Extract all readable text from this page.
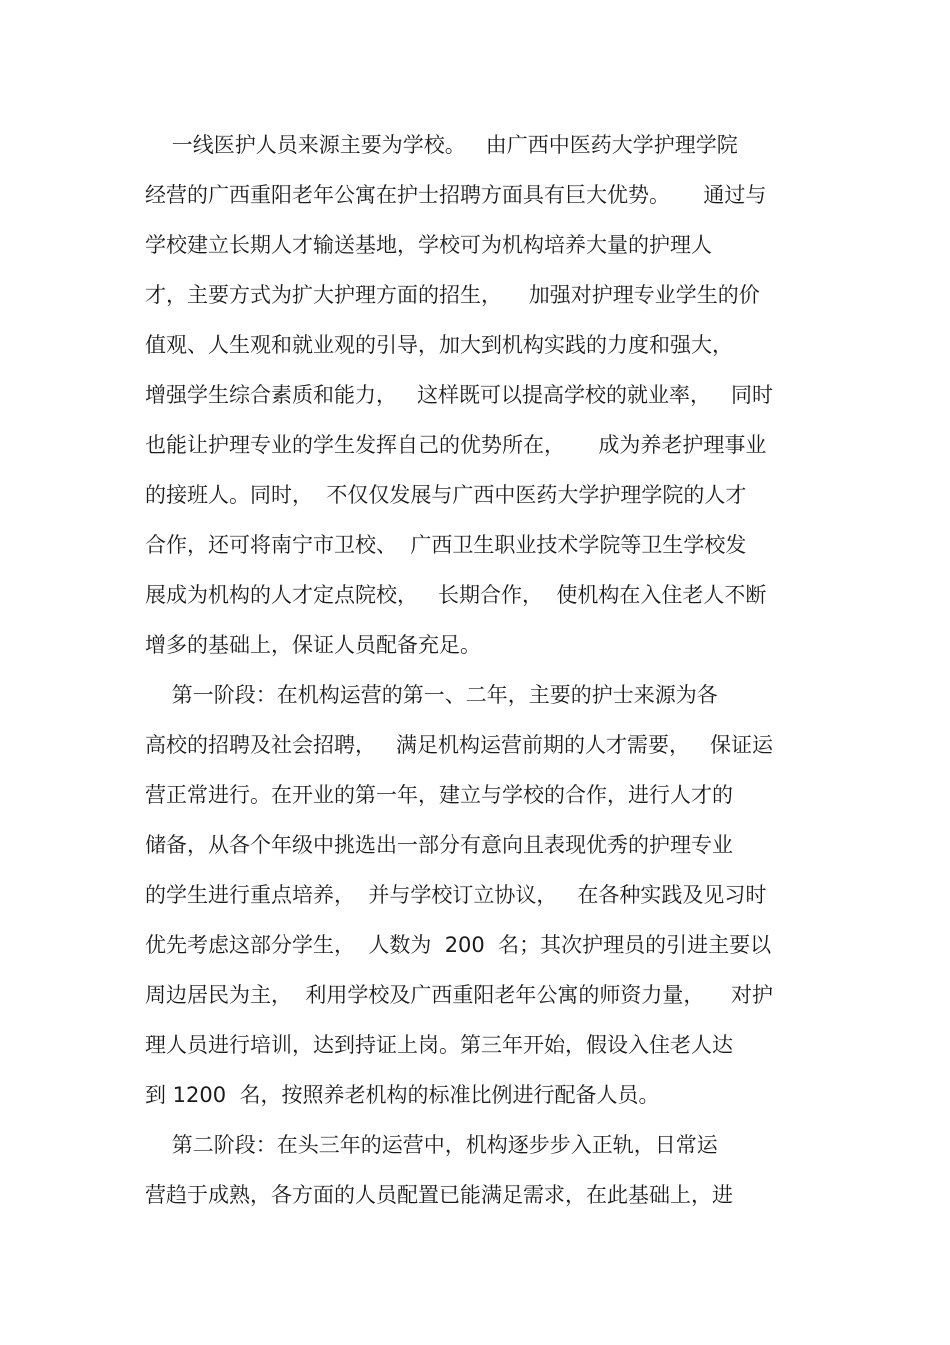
一线医护人员来源主要为学校。   由广西中医药大学护理学院
经营的广西重阳老年公寓在护士招聘方面具有巨大优势。     通过与
学校建立长期人才输送基地，学校可为机构培养大量的护理人
才，主要方式为扩大护理方面的招生，    加强对护理专业学生的价
值观、人生观和就业观的引导，加大到机构实践的力度和强大，
增强学生综合素质和能力，   这样既可以提高学校的就业率，   同时
也能让护理专业的学生发挥自己的优势所在，     成为养老护理事业
的接班人。同时，  不仅仅发展与广西中医药大学护理学院的人才
合作，还可将南宁市卫校、  广西卫生职业技术学院等卫生学校发
展成为机构的人才定点院校，   长期合作，  使机构在入住老人不断
增多的基础上，保证人员配备充足。
第一阶段：在机构运营的第一、二年，主要的护士来源为各
高校的招聘及社会招聘，   满足机构运营前期的人才需要，   保证运
营正常进行。在开业的第一年，建立与学校的合作，进行人才的
储备，从各个年级中挑选出一部分有意向且表现优秀的护理专业
的学生进行重点培养，  并与学校订立协议，   在各种实践及见习时
优先考虑这部分学生，  人数为  200  名；其次护理员的引进主要以
周边居民为主，  利用学校及广西重阳老年公寓的师资力量，    对护
理人员进行培训，达到持证上岗。第三年开始，假设入住老人达
到 1200  名，按照养老机构的标准比例进行配备人员。
第二阶段：在头三年的运营中，机构逐步步入正轨，日常运
营趋于成熟，各方面的人员配置已能满足需求，在此基础上，进
